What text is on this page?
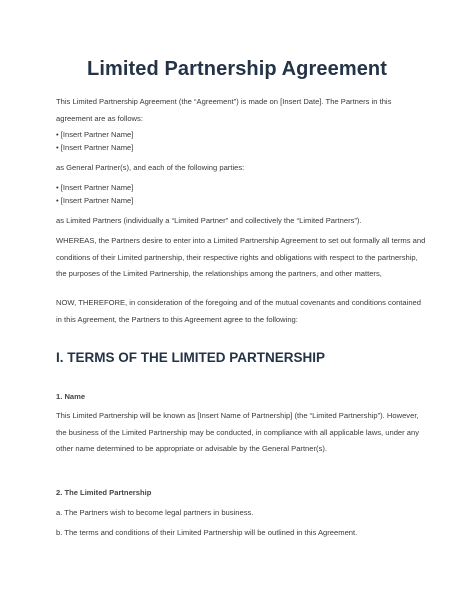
Limited Partnership Agreement

This Limited Partnership Agreement (the “Agreement”) is made on [Insert Date]. The Partners in this agreement are as follows:

• [Insert Partner Name]
• [Insert Partner Name]

as General Partner(s), and each of the following parties:

• [Insert Partner Name]
• [Insert Partner Name]

as Limited Partners (individually a “Limited Partner” and collectively the “Limited Partners”).

WHEREAS, the Partners desire to enter into a Limited Partnership Agreement to set out formally all terms and conditions of their Limited partnership, their respective rights and obligations with respect to the partnership, the purposes of the Limited Partnership, the relationships among the partners, and other matters,

NOW, THEREFORE, in consideration of the foregoing and of the mutual covenants and conditions contained in this Agreement, the Partners to this Agreement agree to the following:

I. TERMS OF THE LIMITED PARTNERSHIP
1. Name

This Limited Partnership will be known as [Insert Name of Partnership] (the “Limited Partnership”). However, the business of the Limited Partnership may be conducted, in compliance with all applicable laws, under any other name determined to be appropriate or advisable by the General Partner(s).

2. The Limited Partnership

a. The Partners wish to become legal partners in business.

b. The terms and conditions of their Limited Partnership will be outlined in this Agreement.
